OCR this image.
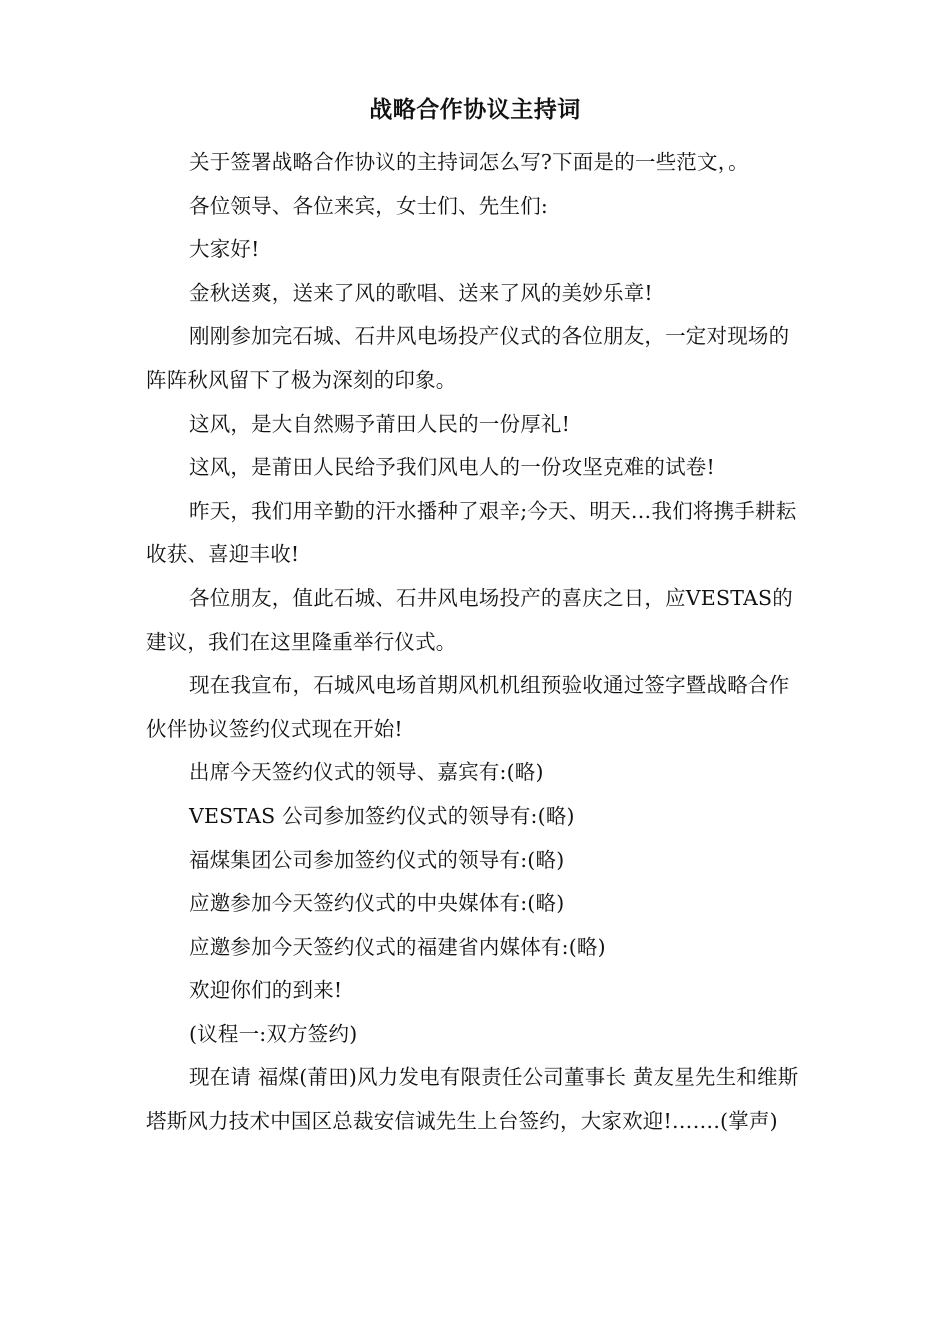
战略合作协议主持词

关于签署战略合作协议的主持词怎么写?下面是的一些范文，。

各位领导、各位来宾，女士们、先生们:

大家好!

金秋送爽，送来了风的歌唱、送来了风的美妙乐章!

刚刚参加完石城、石井风电场投产仪式的各位朋友，一定对现场的阵阵秋风留下了极为深刻的印象。

这风，是大自然赐予莆田人民的一份厚礼!

这风，是莆田人民给予我们风电人的一份攻坚克难的试卷!

昨天，我们用辛勤的汗水播种了艰辛;今天、明天…我们将携手耕耘收获、喜迎丰收!

各位朋友，值此石城、石井风电场投产的喜庆之日，应VESTAS的建议，我们在这里隆重举行仪式。

现在我宣布，石城风电场首期风机机组预验收通过签字暨战略合作伙伴协议签约仪式现在开始!

出席今天签约仪式的领导、嘉宾有:(略)

VESTAS 公司参加签约仪式的领导有:(略)

福煤集团公司参加签约仪式的领导有:(略)

应邀参加今天签约仪式的中央媒体有:(略)

应邀参加今天签约仪式的福建省内媒体有:(略)

欢迎你们的到来!

(议程一:双方签约)

现在请 福煤(莆田)风力发电有限责任公司董事长 黄友星先生和维斯塔斯风力技术中国区总裁安信诚先生上台签约，大家欢迎!…….(掌声)
